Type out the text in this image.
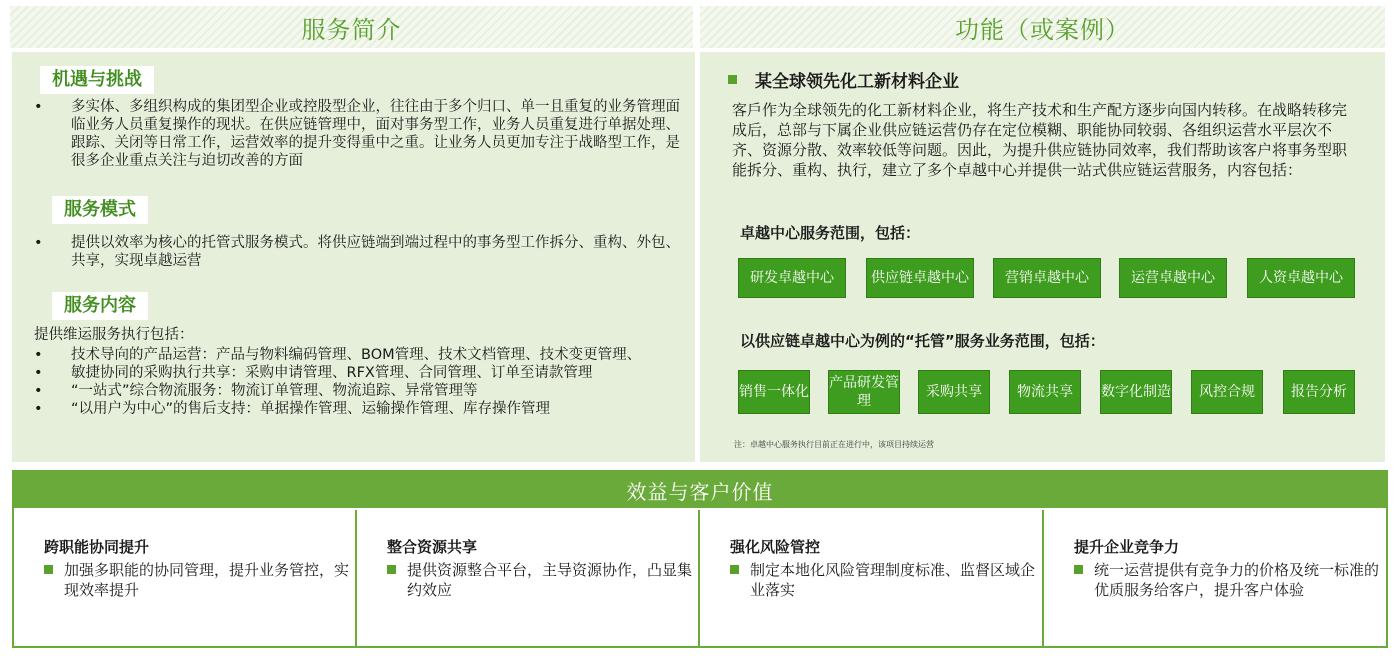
服务简介	功能（或案例）
机遇与挑战
• 多实体、多组织构成的集团型企业或控股型企业，往往由于多个归口、单一且重复的业务管理面临业务人员重复操作的现状。在供应链管理中，面对事务型工作，业务人员重复进行单据处理、跟踪、关闭等日常工作，运营效率的提升变得重中之重。让业务人员更加专注于战略型工作，是很多企业重点关注与迫切改善的方面
服务模式
• 提供以效率为核心的托管式服务模式。将供应链端到端过程中的事务型工作拆分、重构、外包、共享，实现卓越运营
服务内容
提供维运服务执行包括：
• 技术导向的产品运营：产品与物料编码管理、BOM管理、技术文档管理、技术变更管理、
• 敏捷协同的采购执行共享：采购申请管理、RFX管理、合同管理、订单至请款管理
• “一站式”综合物流服务：物流订单管理、物流追踪、异常管理等
• “以用户为中心”的售后支持：单据操作管理、运输操作管理、库存操作管理
某全球领先化工新材料企业
客戶作为全球领先的化工新材料企业，将生产技术和生产配方逐步向国内转移。在战略转移完成后，总部与下属企业供应链运营仍存在定位模糊、职能协同较弱、各组织运营水平层次不齐、资源分散、效率较低等问题。因此，为提升供应链协同效率，我们帮助该客户将事务型职能拆分、重构、执行，建立了多个卓越中心并提供一站式供应链运营服务，内容包括：
卓越中心服务范围，包括：
研发卓越中心	供应链卓越中心	营销卓越中心	运营卓越中心	人资卓越中心
以供应链卓越中心为例的“托管”服务业务范围，包括：
销售一体化
产品研发管理
采购共享	物流共享	数字化制造	风控合规	报告分析
注：卓越中心服务执行目前正在进行中，该项目持续运营
效益与客户价值
跨职能协同提升
加强多职能的协同管理，提升业务管控，实现效率提升
整合资源共享
提供资源整合平台，主导资源协作，凸显集约效应
强化风险管控
制定本地化风险管理制度标准、监督区域企业落实
提升企业竞争力
统一运营提供有竞争力的价格及统一标准的优质服务给客户，提升客户体验
